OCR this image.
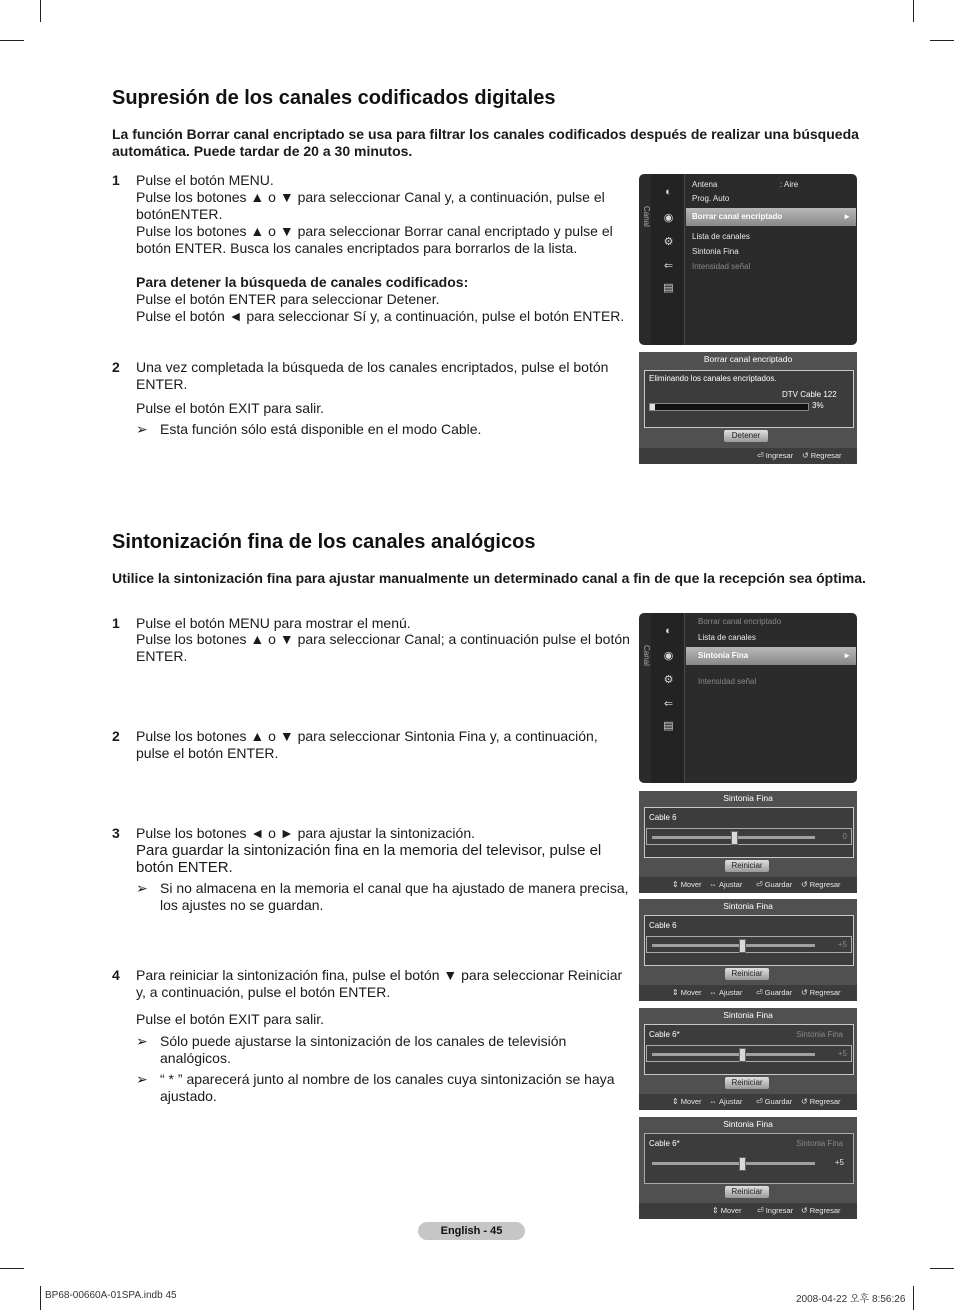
Supresión de los canales codificados digitales

La función Borrar canal encriptado se usa para filtrar los canales codificados después de realizar una búsqueda automática. Puede tardar de 20 a 30 minutos.

1 Pulse el botón MENU.
Pulse los botones ▲ o ▼ para seleccionar Canal y, a continuación, pulse el
botónENTER.
Pulse los botones ▲ o ▼ para seleccionar Borrar canal encriptado y pulse el
botón ENTER. Busca los canales encriptados para borrarlos de la lista.
Para detener la búsqueda de canales codificados:
Pulse el botón ENTER para seleccionar Detener.
Pulse el botón ◄ para seleccionar Sí y, a continuación, pulse el botón ENTER.
2 Una vez completada la búsqueda de los canales encriptados, pulse el botón
ENTER.
Pulse el botón EXIT para salir.
➢ Esta función sólo está disponible en el modo Cable.
Canal
◐
◉
⚙
⇐
▤
Antena	: Aire
Prog. Auto
Borrar canal encriptado	►
Lista de canales
Sintonia Fina
Intensidad señal
Borrar canal encriptado
Eliminando los canales encriptados.
DTV Cable 122
3%
Detener
⏎ Ingresar ↺ Regresar
Sintonización fina de los canales analógicos

Utilice la sintonización fina para ajustar manualmente un determinado canal a fin de que la recepción sea óptima.

1 Pulse el botón MENU para mostrar el menú.
Pulse los botones ▲ o ▼ para seleccionar Canal; a continuación pulse el botón
ENTER.
2 Pulse los botones ▲ o ▼ para seleccionar Sintonia Fina y, a continuación,
pulse el botón ENTER.
3 Pulse los botones ◄ o ► para ajustar la sintonización.
Para guardar la sintonización fina en la memoria del televisor, pulse el
botón ENTER.
➢ Si no almacena en la memoria el canal que ha ajustado de manera precisa,
los ajustes no se guardan.
4 Para reiniciar la sintonización fina, pulse el botón ▼ para seleccionar Reiniciar
y, a continuación, pulse el botón ENTER.
Pulse el botón EXIT para salir.
➢ Sólo puede ajustarse la sintonización de los canales de televisión
analógicos.
➢ “ * ” aparecerá junto al nombre de los canales cuya sintonización se haya
ajustado.
Canal
◐
◉
⚙
⇐
▤
Borrar canal encriptado
Lista de canales
Sintonia Fina	►
Intensidad señal
Sintonia Fina
Cable 6
0
Reiniciar
⇕ Mover ⇔ Ajustar ⏎ Guardar ↺ Regresar
Sintonia Fina
Cable 6
+5
Reiniciar
⇕ Mover ⇔ Ajustar ⏎ Guardar ↺ Regresar
Sintonia Fina
Cable 6*	Sintonia Fina
+5
Reiniciar
⇕ Mover ⇔ Ajustar ⏎ Guardar ↺ Regresar
Sintonia Fina
Cable 6*	Sintonia Fina
+5
Reiniciar
⇕ Mover ⏎ Ingresar ↺ Regresar
English - 45
BP68-00660A-01SPA.indb 45	2008-04-22 오후 8:56:26
